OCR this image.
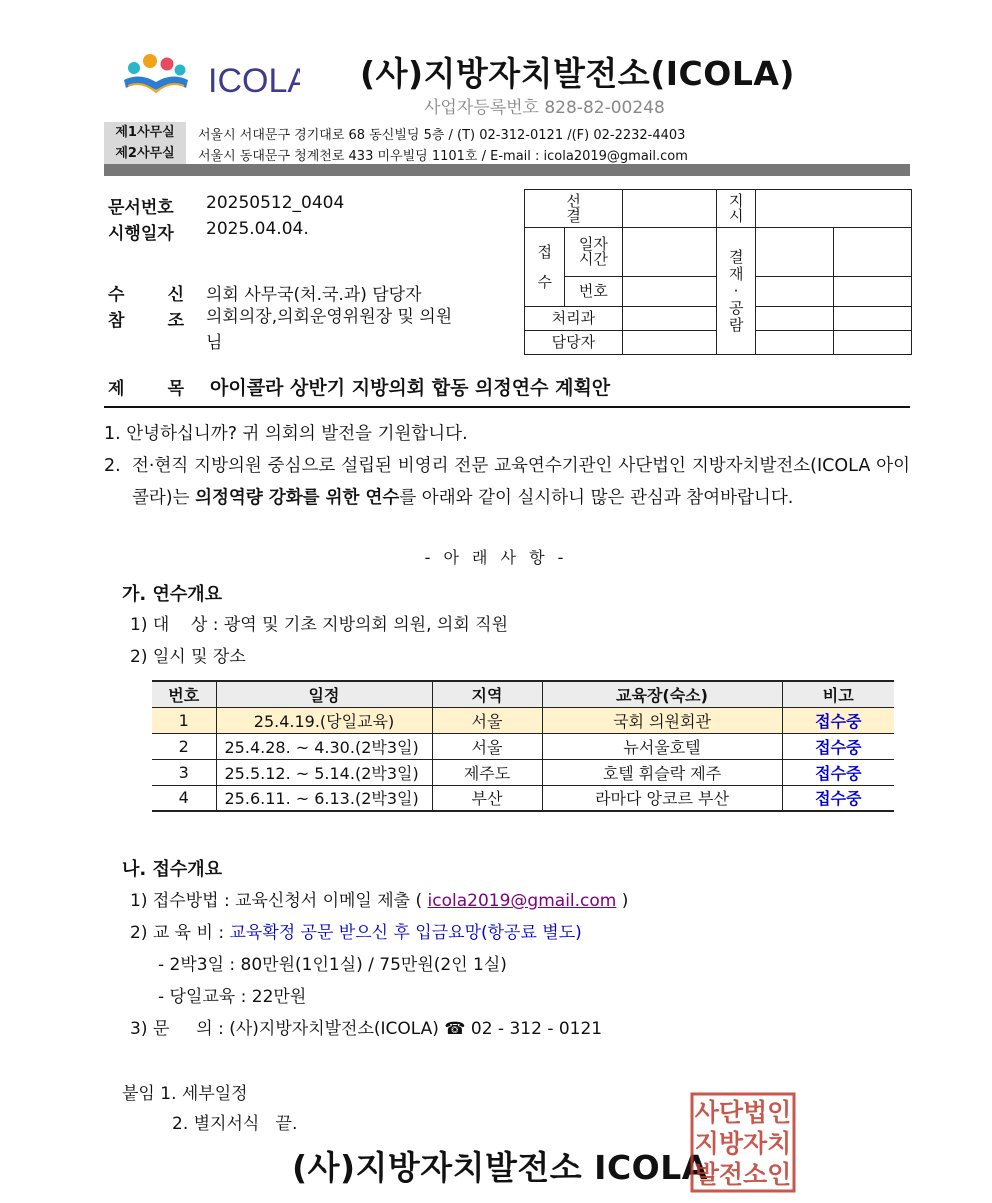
ICOLA (사)지방자치발전소(ICOLA)
사업자등록번호 828-82-00248
제1사무실	서울시 서대문구 경기대로 68 동신빌딩 5층 / (T) 02-312-0121 /(F) 02-2232-4403
제2사무실	서울시 동대문구 청계천로 433 미우빌딩 1101호 / E-mail : icola2019@gmail.com
문서번호	20250512_0404
시행일자	2025.04.04.
수	신 의회 사무국(처.국.과) 담당자
참	조 의회의장,의회운영위원장 및 의원님
선결			지시		
접수	일자 시간		결재 · 공람		
	번호				
처리과					
담당자					
제	목 아이콜라 상반기 지방의회 합동 의정연수 계획안
1. 안녕하십니까? 귀 의회의 발전을 기원합니다.
2. 전·현직 지방의원 중심으로 설립된 비영리 전문 교육연수기관인 사단법인 지방자치발전소(ICOLA 아이콜라)는 의정역량 강화를 위한 연수를 아래와 같이 실시하니 많은 관심과 참여바랍니다.
- 아 래 사 항 -
가. 연수개요
1) 대    상 : 광역 및 기초 지방의회 의원, 의회 직원
2) 일시 및 장소
번호	일정	지역	교육장(숙소)	비고
1	25.4.19.(당일교육)	서울	국회 의원회관	접수중
2	25.4.28. ~ 4.30.(2박3일)	서울	뉴서울호텔	접수중
3	25.5.12. ~ 5.14.(2박3일)	제주도	호텔 휘슬락 제주	접수중
4	25.6.11. ~ 6.13.(2박3일)	부산	라마다 앙코르 부산	접수중
나. 접수개요
1) 접수방법 : 교육신청서 이메일 제출 ( icola2019@gmail.com )
2) 교 육 비 : 교육확정 공문 받으신 후 입금요망(항공료 별도)
- 2박3일 : 80만원(1인1실) / 75만원(2인 1실)
- 당일교육 : 22만원
3) 문     의 : (사)지방자치발전소(ICOLA) ☎ 02 - 312 - 0121
붙임 1. 세부일정
2. 별지서식   끝.
(사)지방자치발전소 ICOLA
사단법인
지방자치
발전소인
